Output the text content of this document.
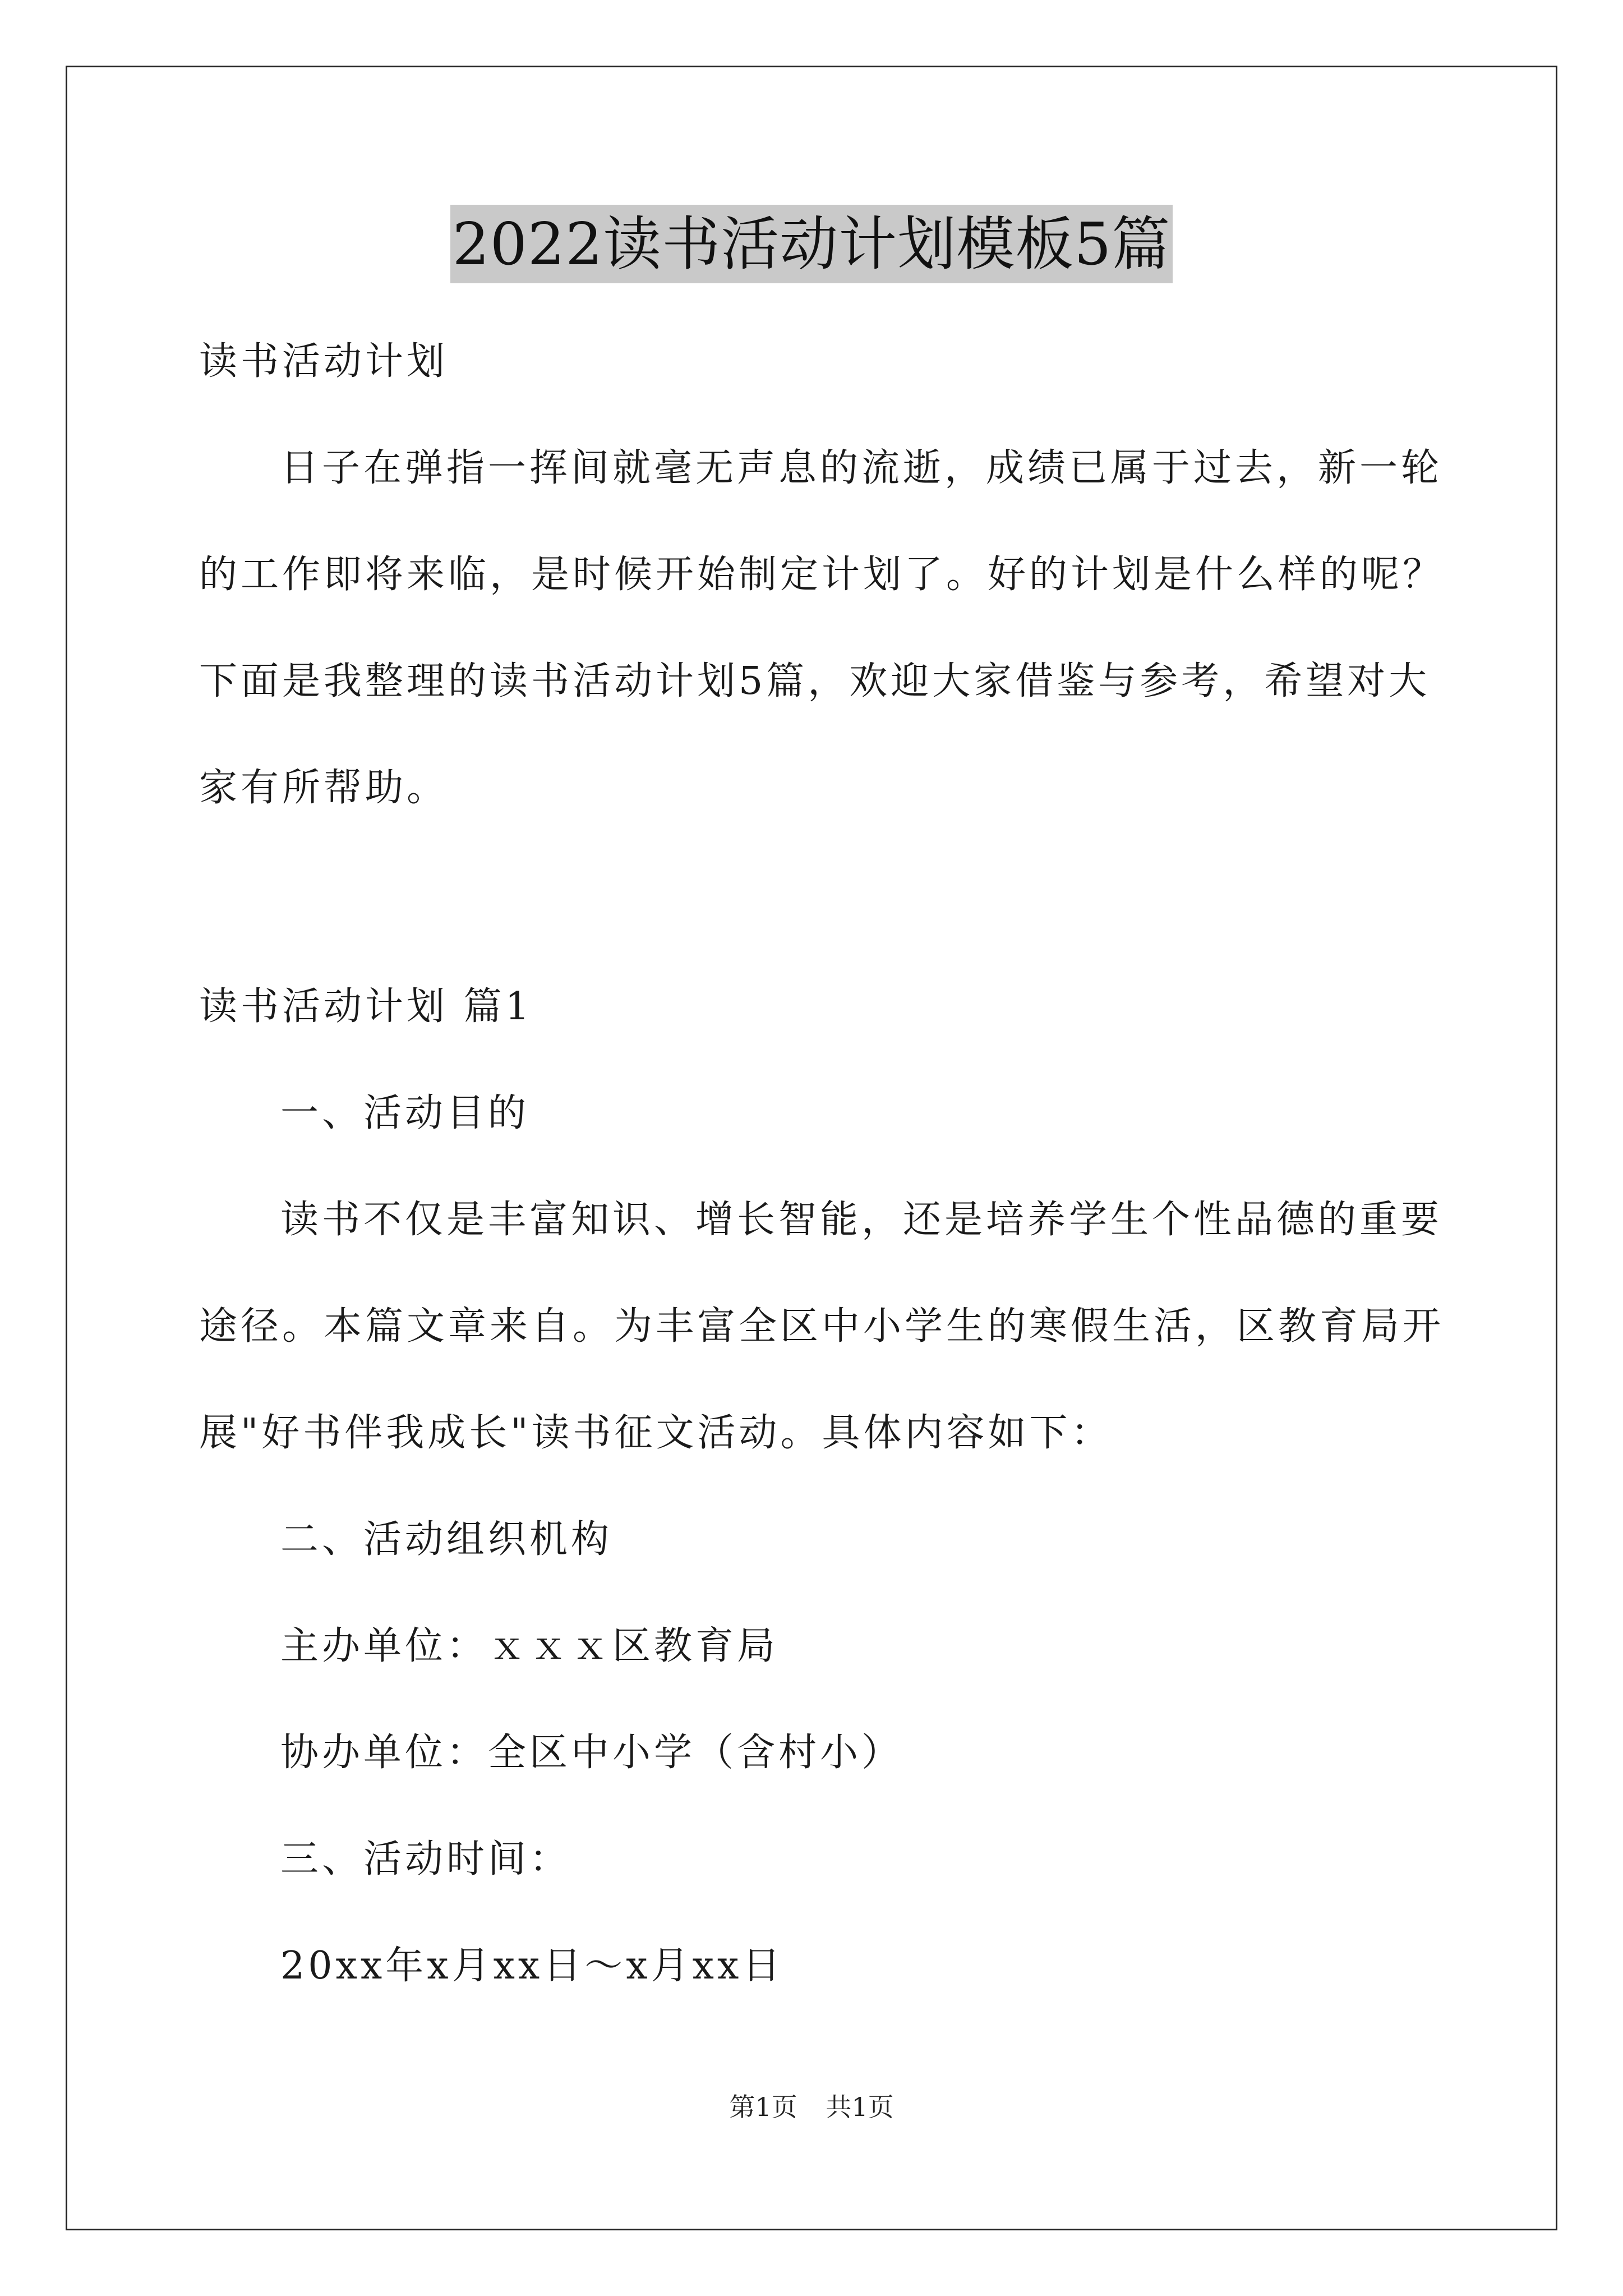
2022读书活动计划模板5篇
读书活动计划
日子在弹指一挥间就毫无声息的流逝，成绩已属于过去，新一轮
的工作即将来临，是时候开始制定计划了。好的计划是什么样的呢？
下面是我整理的读书活动计划5篇，欢迎大家借鉴与参考，希望对大
家有所帮助。
读书活动计划 篇1
一、活动目的
读书不仅是丰富知识、增长智能，还是培养学生个性品德的重要
途径。本篇文章来自。为丰富全区中小学生的寒假生活，区教育局开
展"好书伴我成长"读书征文活动。具体内容如下：
二、活动组织机构
主办单位：ｘｘｘ区教育局
协办单位：全区中小学（含村小）
三、活动时间：
20xx年x月xx日～x月xx日
第1页 共1页
